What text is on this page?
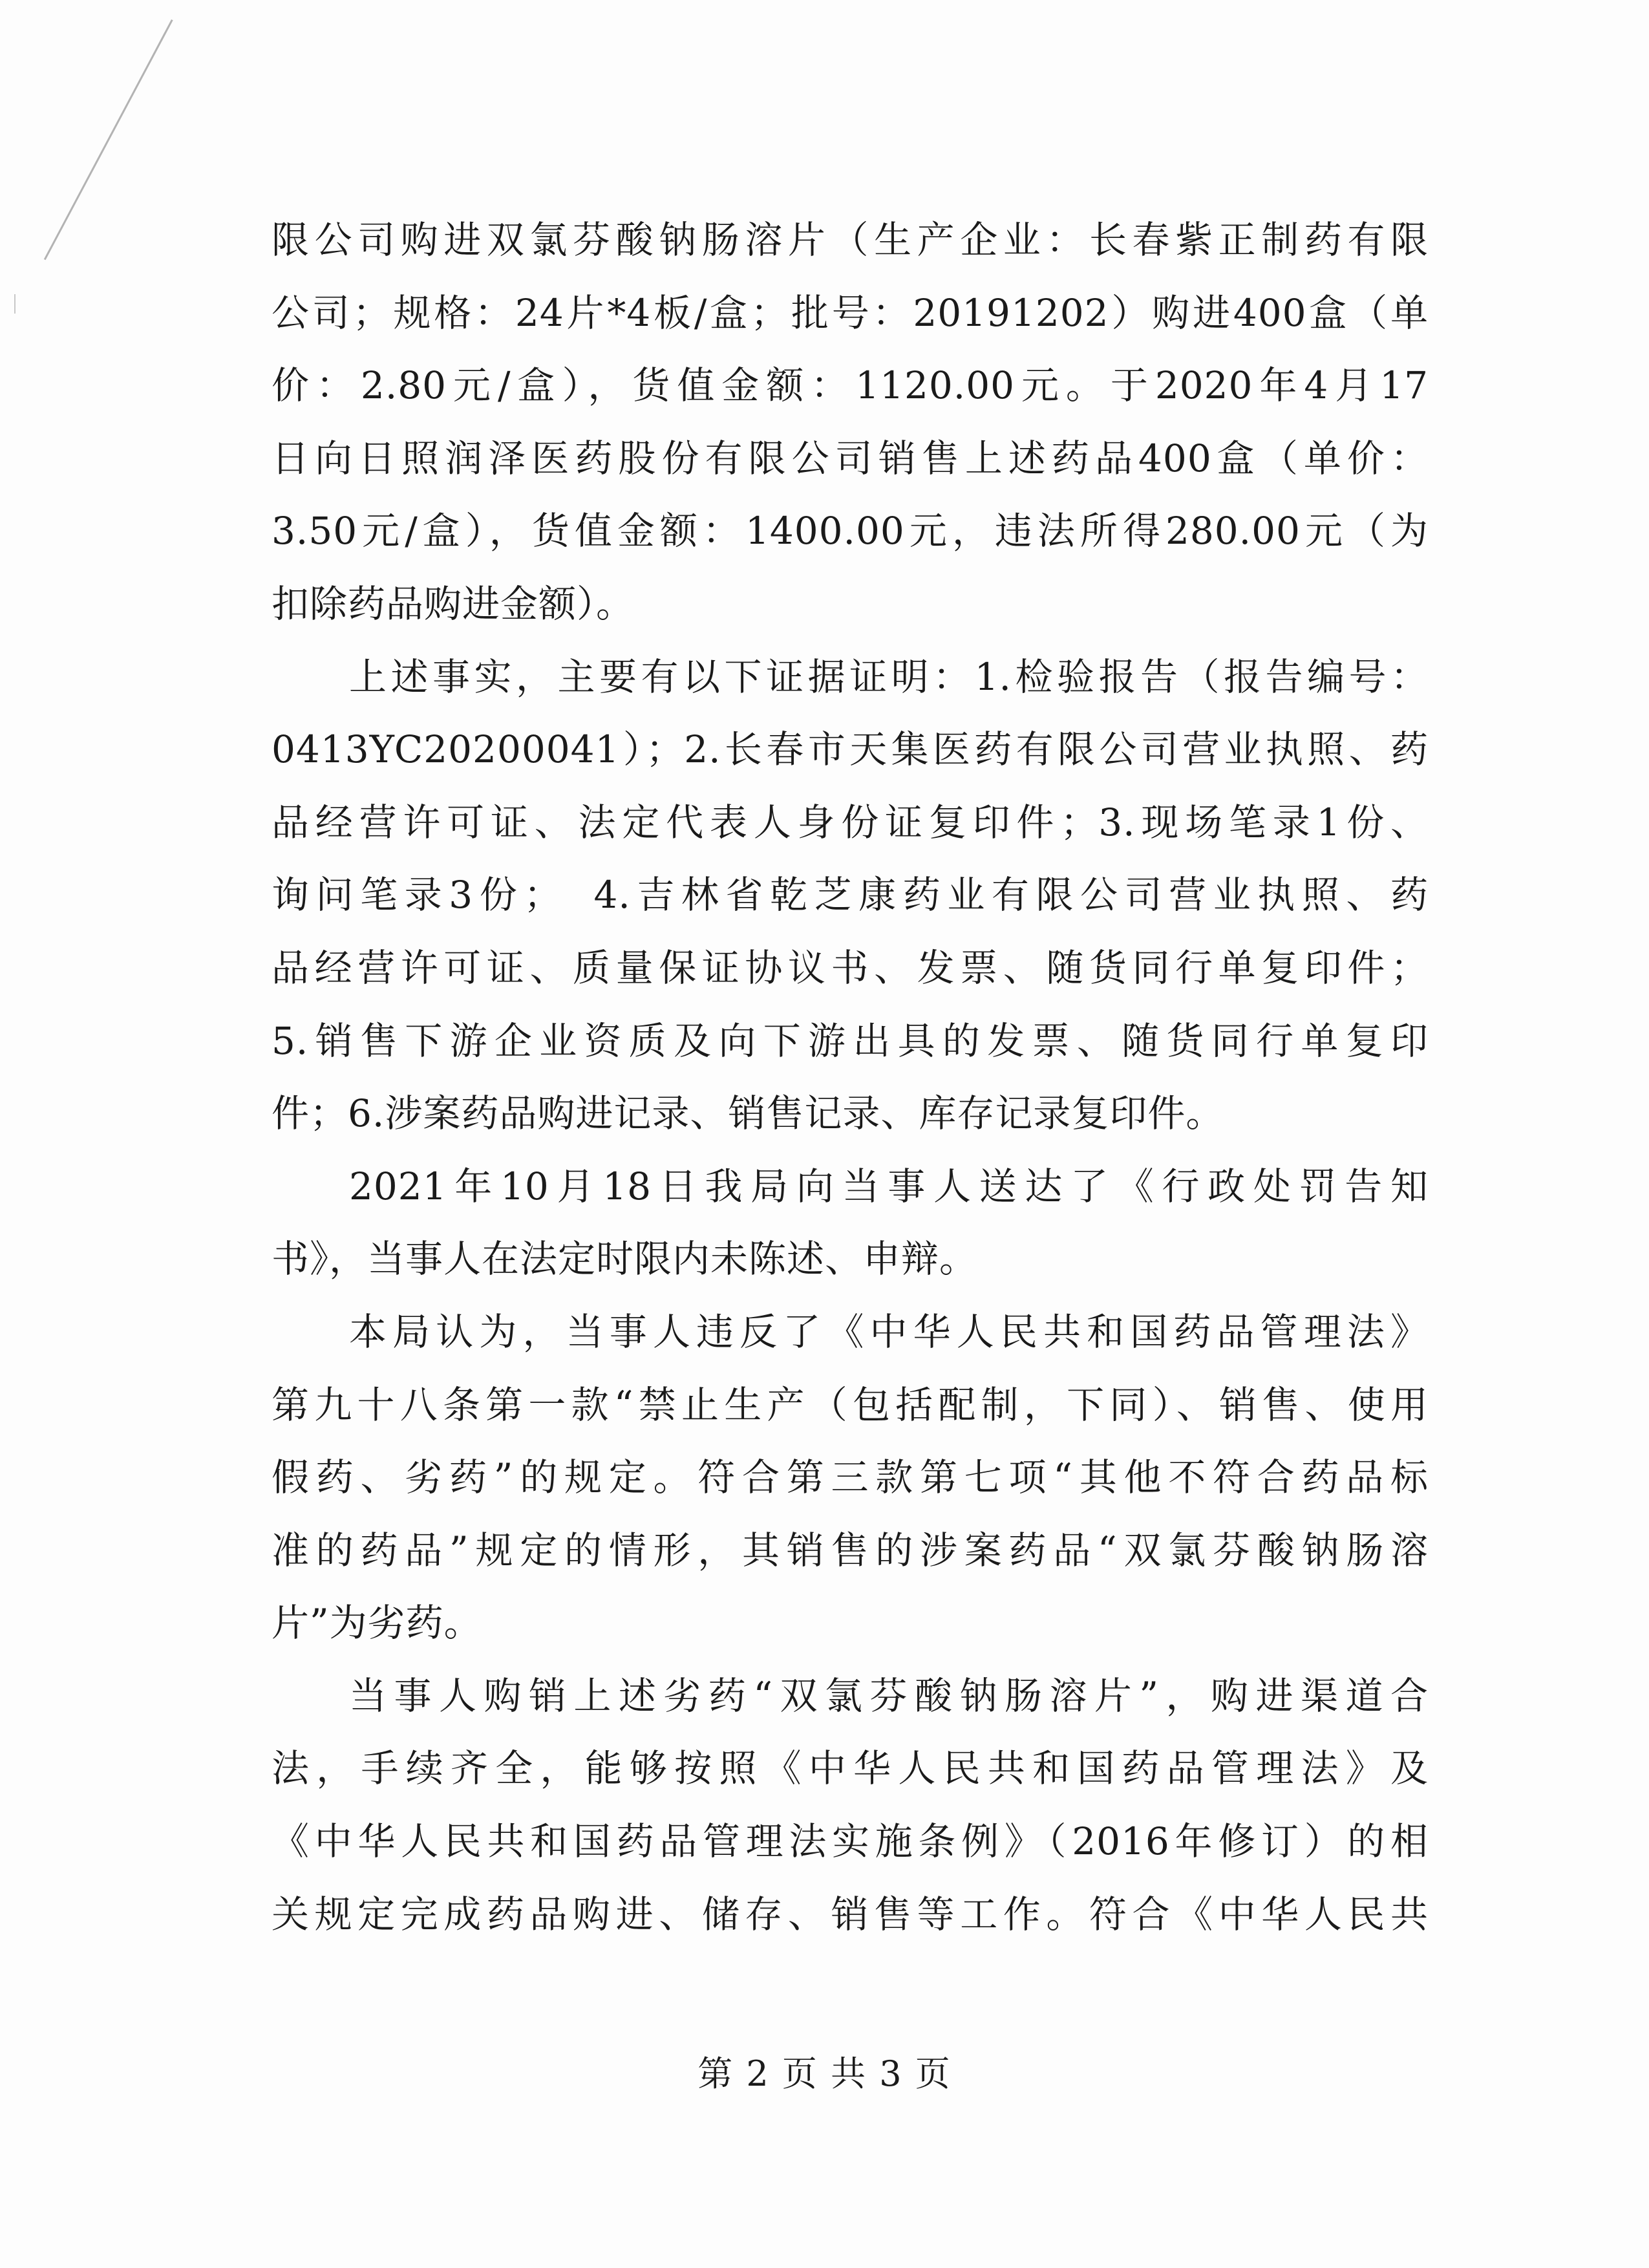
限公司购进双氯芬酸钠肠溶片（生产企业：长春紫正制药有限
公司；规格：24片*4板/盒；批号：20191202）购进400盒（单
价：2.80元/盒），货值金额：1120.00元。于2020年4月17
日向日照润泽医药股份有限公司销售上述药品400盒（单价：
3.50元/盒），货值金额：1400.00元，违法所得280.00元（为
扣除药品购进金额）。
上述事实，主要有以下证据证明：1.检验报告（报告编号：
0413YC20200041）；2.长春市天集医药有限公司营业执照、药
品经营许可证、法定代表人身份证复印件；3.现场笔录1份、
询问笔录3份；　4.吉林省乾芝康药业有限公司营业执照、药
品经营许可证、质量保证协议书、发票、随货同行单复印件；
5.销售下游企业资质及向下游出具的发票、随货同行单复印
件；6.涉案药品购进记录、销售记录、库存记录复印件。
2021年10月18日我局向当事人送达了《行政处罚告知
书》，当事人在法定时限内未陈述、申辩。
本局认为，当事人违反了《中华人民共和国药品管理法》
第九十八条第一款“禁止生产（包括配制，下同）、销售、使用
假药、劣药”的规定。符合第三款第七项“其他不符合药品标
准的药品”规定的情形，其销售的涉案药品“双氯芬酸钠肠溶
片”为劣药。
当事人购销上述劣药“双氯芬酸钠肠溶片”，购进渠道合
法，手续齐全，能够按照《中华人民共和国药品管理法》及
《中华人民共和国药品管理法实施条例》（2016年修订）的相
关规定完成药品购进、储存、销售等工作。符合《中华人民共
第 2 页 共 3 页
